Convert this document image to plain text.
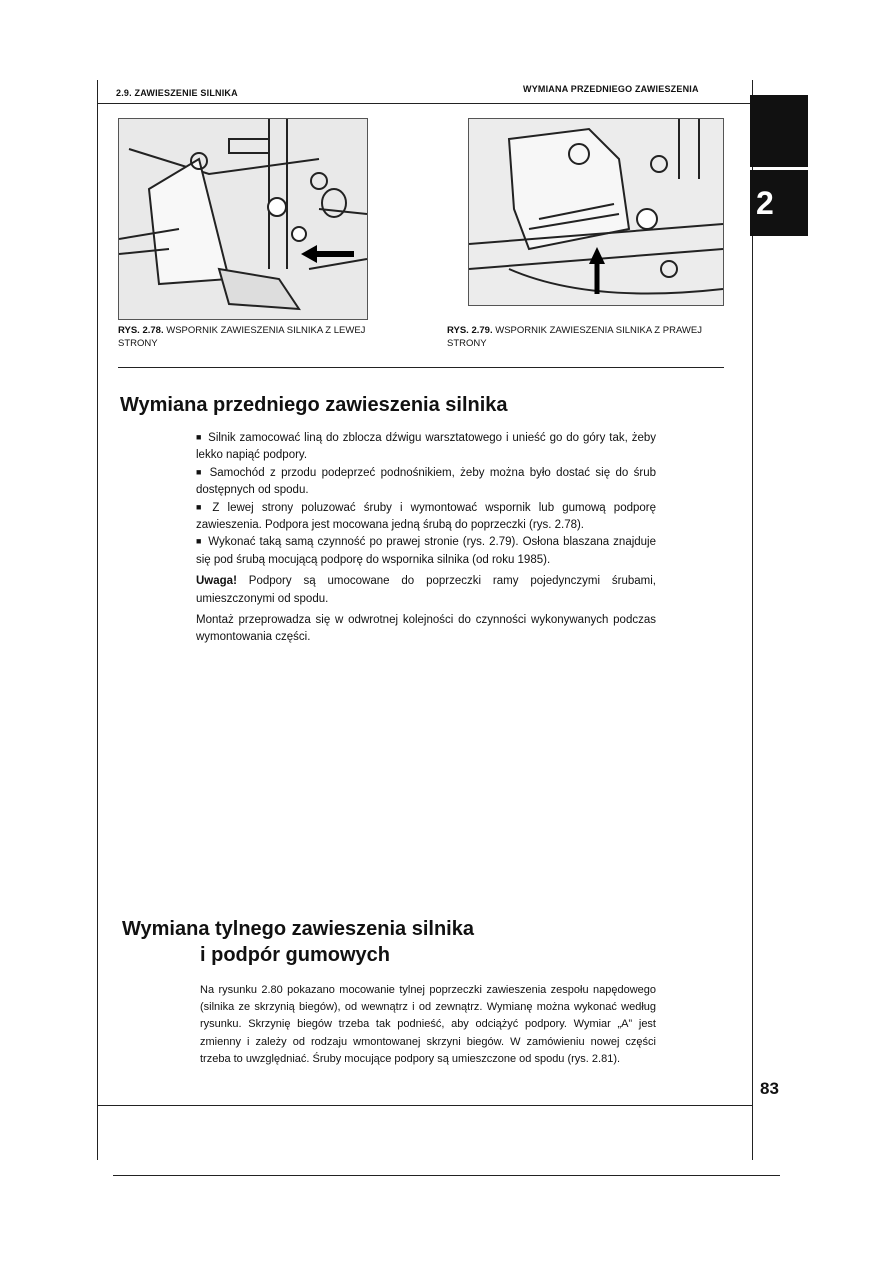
2.9. ZAWIESZENIE SILNIKA	WYMIANA PRZEDNIEGO ZAWIESZENIA
2
RYS. 2.78. WSPORNIK ZAWIESZENIA SILNIKA Z LEWEJ STRONY
RYS. 2.79. WSPORNIK ZAWIESZENIA SILNIKA Z PRAWEJ STRONY
Wymiana przedniego zawieszenia silnika

■ Silnik zamocować liną do zblocza dźwigu warsztatowego i unieść go do góry tak, żeby lekko napiąć podpory.

■ Samochód z przodu podeprzeć podnośnikiem, żeby można było dostać się do śrub dostępnych od spodu.

■ Z lewej strony poluzować śruby i wymontować wspornik lub gumową podporę zawieszenia. Podpora jest mocowana jedną śrubą do poprzeczki (rys. 2.78).

■ Wykonać taką samą czynność po prawej stronie (rys. 2.79). Osłona blaszana znajduje się pod śrubą mocującą podporę do wspornika silnika (od roku 1985).

Uwaga! Podpory są umocowane do poprzeczki ramy pojedynczymi śrubami, umieszczonymi od spodu.

Montaż przeprowadza się w odwrotnej kolejności do czynności wykonywanych podczas wymontowania części.

Wymiana tylnego zawieszenia silnika
i podpór gumowych
Na rysunku 2.80 pokazano mocowanie tylnej poprzeczki zawieszenia zespołu napędowego (silnika ze skrzynią biegów), od wewnątrz i od zewnątrz. Wymianę można wykonać według rysunku. Skrzynię biegów trzeba tak podnieść, aby odciążyć podpory. Wymiar „A” jest zmienny i zależy od rodzaju wmontowanej skrzyni biegów. W zamówieniu nowej części trzeba to uwzględniać. Śruby mocujące podpory są umieszczone od spodu (rys. 2.81).
83
